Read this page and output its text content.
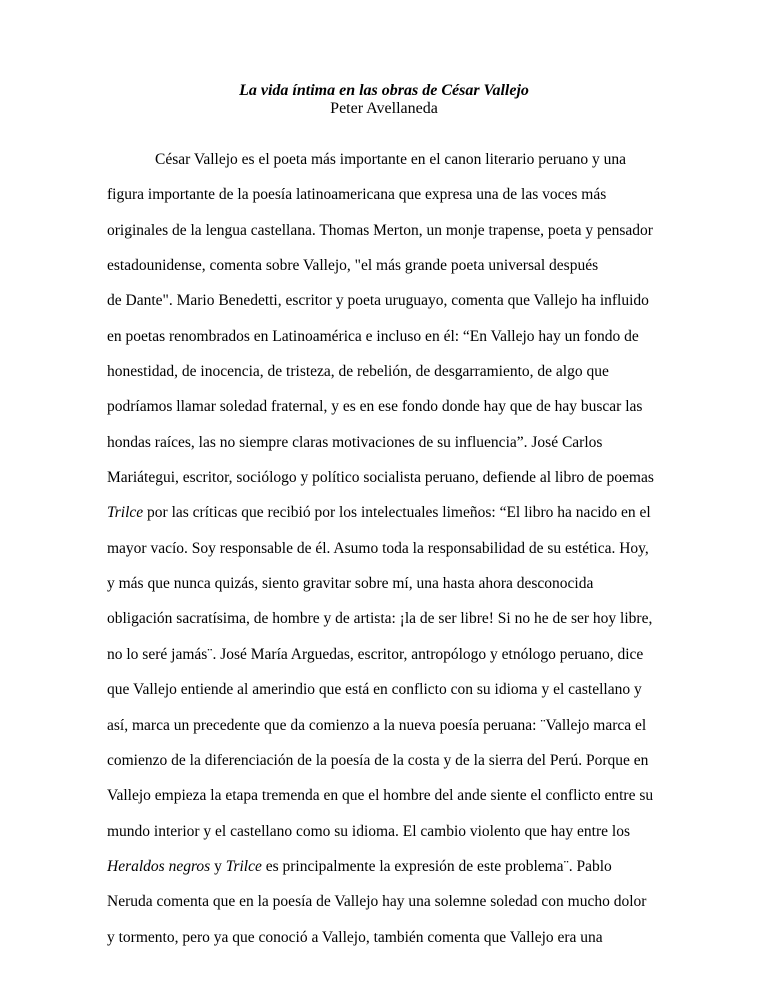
La vida íntima en las obras de César Vallejo
Peter Avellaneda
César Vallejo es el poeta más importante en el canon literario peruano y una
figura importante de la poesía latinoamericana que expresa una de las voces más
originales de la lengua castellana. Thomas Merton, un monje trapense, poeta y pensador
estadounidense, comenta sobre Vallejo, "el más grande poeta universal después
de Dante". Mario Benedetti, escritor y poeta uruguayo, comenta que Vallejo ha influido
en poetas renombrados en Latinoamérica e incluso en él: “En Vallejo hay un fondo de
honestidad, de inocencia, de tristeza, de rebelión, de desgarramiento, de algo que
podríamos llamar soledad fraternal, y es en ese fondo donde hay que de hay buscar las
hondas raíces, las no siempre claras motivaciones de su influencia”. José Carlos
Mariátegui, escritor, sociólogo y político socialista peruano, defiende al libro de poemas
Trilce por las críticas que recibió por los intelectuales limeños: “El libro ha nacido en el
mayor vacío. Soy responsable de él. Asumo toda la responsabilidad de su estética. Hoy,
y más que nunca quizás, siento gravitar sobre mí, una hasta ahora desconocida
obligación sacratísima, de hombre y de artista: ¡la de ser libre! Si no he de ser hoy libre,
no lo seré jamás¨. José María Arguedas, escritor, antropólogo y etnólogo peruano, dice
que Vallejo entiende al amerindio que está en conflicto con su idioma y el castellano y
así, marca un precedente que da comienzo a la nueva poesía peruana: ¨Vallejo marca el
comienzo de la diferenciación de la poesía de la costa y de la sierra del Perú. Porque en
Vallejo empieza la etapa tremenda en que el hombre del ande siente el conflicto entre su
mundo interior y el castellano como su idioma. El cambio violento que hay entre los
Heraldos negros y Trilce es principalmente la expresión de este problema¨. Pablo
Neruda comenta que en la poesía de Vallejo hay una solemne soledad con mucho dolor
y tormento, pero ya que conoció a Vallejo, también comenta que Vallejo era una
